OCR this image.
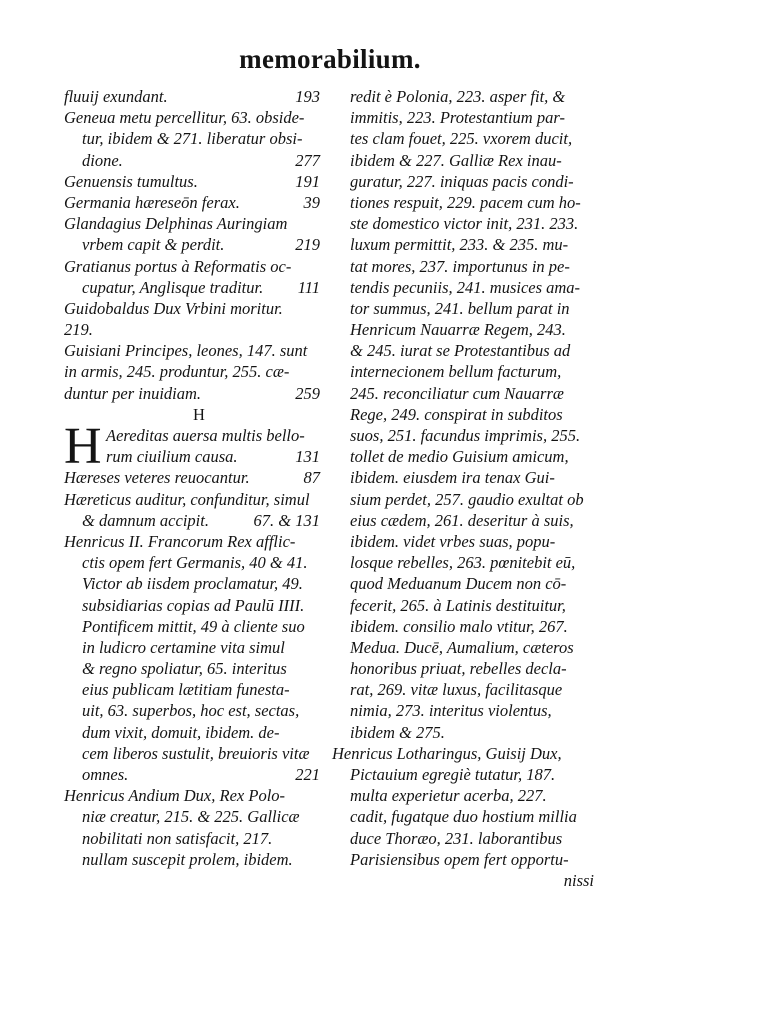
memorabilium.
fluuij exundant.	193
Geneua metu percellitur, 63. obside-
tur, ibidem & 271. liberatur obsi-
dione.	277
Genuensis tumultus.	191
Germania hæreseōn ferax.	39
Glandagius Delphinas Auringiam
vrbem capit & perdit.	219
Gratianus portus à Reformatis oc-
cupatur, Anglisque traditur. 111
Guidobaldus Dux Vrbini moritur.
219.
Guisiani Principes, leones, 147. sunt
in armis, 245. produntur, 255. cæ-
duntur per inuidiam.	259
H
H Aereditas auersa multis bello-
rum ciuilium causa.	131
Hæreses veteres reuocantur.	87
Hæreticus auditur, confunditur, simul
& damnum accipit.	67. & 131
Henricus II. Francorum Rex afflic-
ctis opem fert Germanis, 40 & 41.
Victor ab iisdem proclamatur, 49.
subsidiarias copias ad Paulū IIII.
Pontificem mittit, 49 à cliente suo
in ludicro certamine vita simul
& regno spoliatur, 65. interitus
eius publicam lætitiam funesta-
uit, 63. superbos, hoc est, sectas,
dum vixit, domuit, ibidem. de-
cem liberos sustulit, breuioris vitæ
omnes.	221
Henricus Andium Dux, Rex Polo-
niæ creatur, 215. & 225. Gallicæ
nobilitati non satisfacit, 217.
nullam suscepit prolem, ibidem.
redit è Polonia, 223. asper fit, &
immitis, 223. Protestantium par-
tes clam fouet, 225. vxorem ducit,
ibidem & 227. Galliæ Rex inau-
guratur, 227. iniquas pacis condi-
tiones respuit, 229. pacem cum ho-
ste domestico victor init, 231. 233.
luxum permittit, 233. & 235. mu-
tat mores, 237. importunus in pe-
tendis pecuniis, 241. musices ama-
tor summus, 241. bellum parat in
Henricum Nauarræ Regem, 243.
& 245. iurat se Protestantibus ad
internecionem bellum facturum,
245. reconciliatur cum Nauarræ
Rege, 249. conspirat in subditos
suos, 251. facundus imprimis, 255.
tollet de medio Guisium amicum,
ibidem. eiusdem ira tenax Gui-
sium perdet, 257. gaudio exultat ob
eius cædem, 261. deseritur à suis,
ibidem. videt vrbes suas, popu-
losque rebelles, 263. pœnitebit eū,
quod Meduanum Ducem non cō-
fecerit, 265. à Latinis destituitur,
ibidem. consilio malo vtitur, 267.
Medua. Ducē, Aumalium, cæteros
honoribus priuat, rebelles decla-
rat, 269. vitæ luxus, facilitasque
nimia, 273. interitus violentus,
ibidem & 275.
Henricus Lotharingus, Guisij Dux,
Pictauium egregiè tutatur, 187.
multa experietur acerba, 227.
cadit, fugatque duo hostium millia
duce Thoræo, 231. laborantibus
Parisiensibus opem fert opportu-
nissi
